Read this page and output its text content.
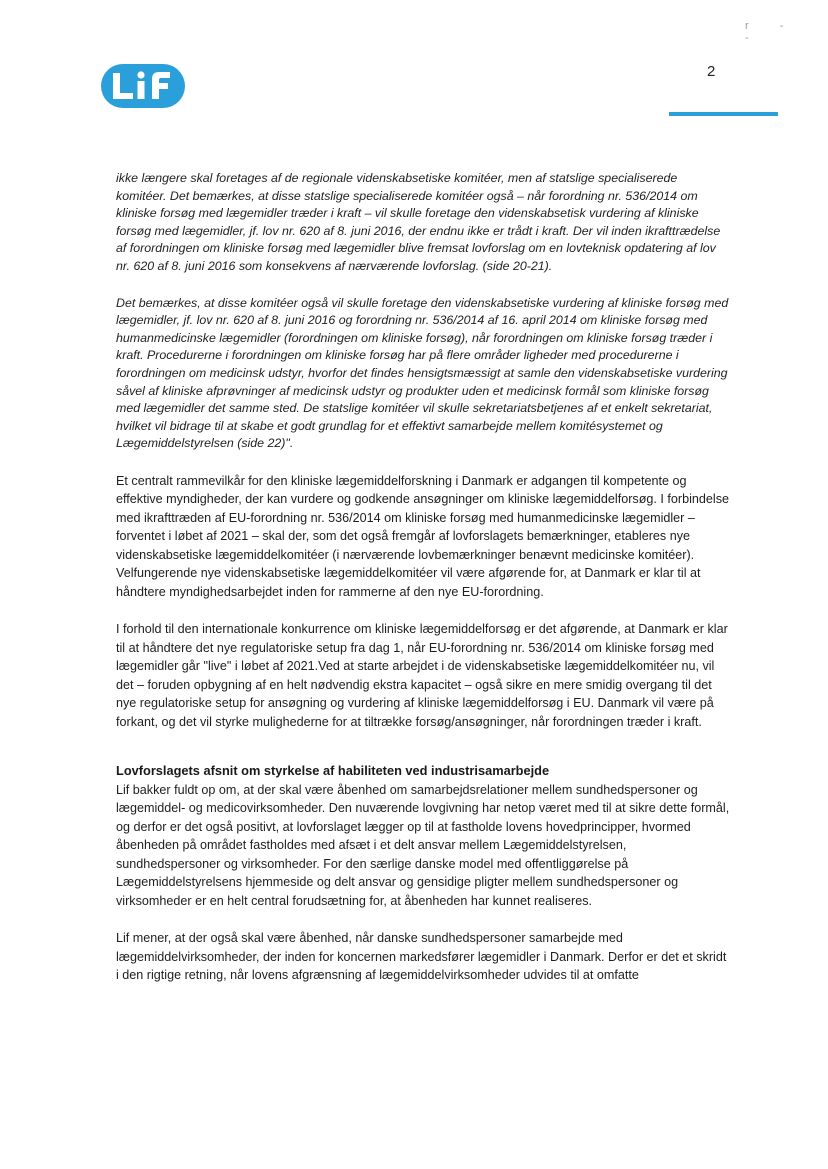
r - -
2

ikke længere skal foretages af de regionale videnskabsetiske komitéer, men af statslige specialiserede komitéer. Det bemærkes, at disse statslige specialiserede komitéer også – når forordning nr. 536/2014 om kliniske forsøg med lægemidler træder i kraft – vil skulle foretage den videnskabsetisk vurdering af kliniske forsøg med lægemidler, jf. lov nr. 620 af 8. juni 2016, der endnu ikke er trådt i kraft. Der vil inden ikrafttrædelse af forordningen om kliniske forsøg med lægemidler blive fremsat lovforslag om en lovteknisk opdatering af lov nr. 620 af 8. juni 2016 som konsekvens af nærværende lovforslag. (side 20-21).

Det bemærkes, at disse komitéer også vil skulle foretage den videnskabsetiske vurdering af kliniske forsøg med lægemidler, jf. lov nr. 620 af 8. juni 2016 og forordning nr. 536/2014 af 16. april 2014 om kliniske forsøg med humanmedicinske lægemidler (forordningen om kliniske forsøg), når forordningen om kliniske forsøg træder i kraft. Procedurerne i forordningen om kliniske forsøg har på flere områder ligheder med procedurerne i forordningen om medicinsk udstyr, hvorfor det findes hensigtsmæssigt at samle den videnskabsetiske vurdering såvel af kliniske afprøvninger af medicinsk udstyr og produkter uden et medicinsk formål som kliniske forsøg med lægemidler det samme sted. De statslige komitéer vil skulle sekretariatsbetjenes af et enkelt sekretariat, hvilket vil bidrage til at skabe et godt grundlag for et effektivt samarbejde mellem komitésystemet og Lægemiddelstyrelsen (side 22)".

Et centralt rammevilkår for den kliniske lægemiddelforskning i Danmark er adgangen til kompetente og effektive myndigheder, der kan vurdere og godkende ansøgninger om kliniske lægemiddelforsøg. I forbindelse med ikrafttræden af EU-forordning nr. 536/2014 om kliniske forsøg med humanmedicinske lægemidler – forventet i løbet af 2021 – skal der, som det også fremgår af lovforslagets bemærkninger, etableres nye videnskabsetiske lægemiddelkomitéer (i nærværende lovbemærkninger benævnt medicinske komitéer). Velfungerende nye videnskabsetiske lægemiddelkomitéer vil være afgørende for, at Danmark er klar til at håndtere myndighedsarbejdet inden for rammerne af den nye EU-forordning.

I forhold til den internationale konkurrence om kliniske lægemiddelforsøg er det afgørende, at Danmark er klar til at håndtere det nye regulatoriske setup fra dag 1, når EU-forordning nr. 536/2014 om kliniske forsøg med lægemidler går "live" i løbet af 2021.Ved at starte arbejdet i de videnskabsetiske lægemiddelkomitéer nu, vil det – foruden opbygning af en helt nødvendig ekstra kapacitet – også sikre en mere smidig overgang til det nye regulatoriske setup for ansøgning og vurdering af kliniske lægemiddelforsøg i EU. Danmark vil være på forkant, og det vil styrke mulighederne for at tiltrække forsøg/ansøgninger, når forordningen træder i kraft.

Lovforslagets afsnit om styrkelse af habiliteten ved industrisamarbejde

Lif bakker fuldt op om, at der skal være åbenhed om samarbejdsrelationer mellem sundhedspersoner og lægemiddel- og medicovirksomheder. Den nuværende lovgivning har netop været med til at sikre dette formål, og derfor er det også positivt, at lovforslaget lægger op til at fastholde lovens hovedprincipper, hvormed åbenheden på området fastholdes med afsæt i et delt ansvar mellem Lægemiddelstyrelsen, sundhedspersoner og virksomheder. For den særlige danske model med offentliggørelse på Lægemiddelstyrelsens hjemmeside og delt ansvar og gensidige pligter mellem sundhedspersoner og virksomheder er en helt central forudsætning for, at åbenheden har kunnet realiseres.

Lif mener, at der også skal være åbenhed, når danske sundhedspersoner samarbejde med lægemiddelvirksomheder, der inden for koncernen markedsfører lægemidler i Danmark. Derfor er det et skridt i den rigtige retning, når lovens afgrænsning af lægemiddelvirksomheder udvides til at omfatte
